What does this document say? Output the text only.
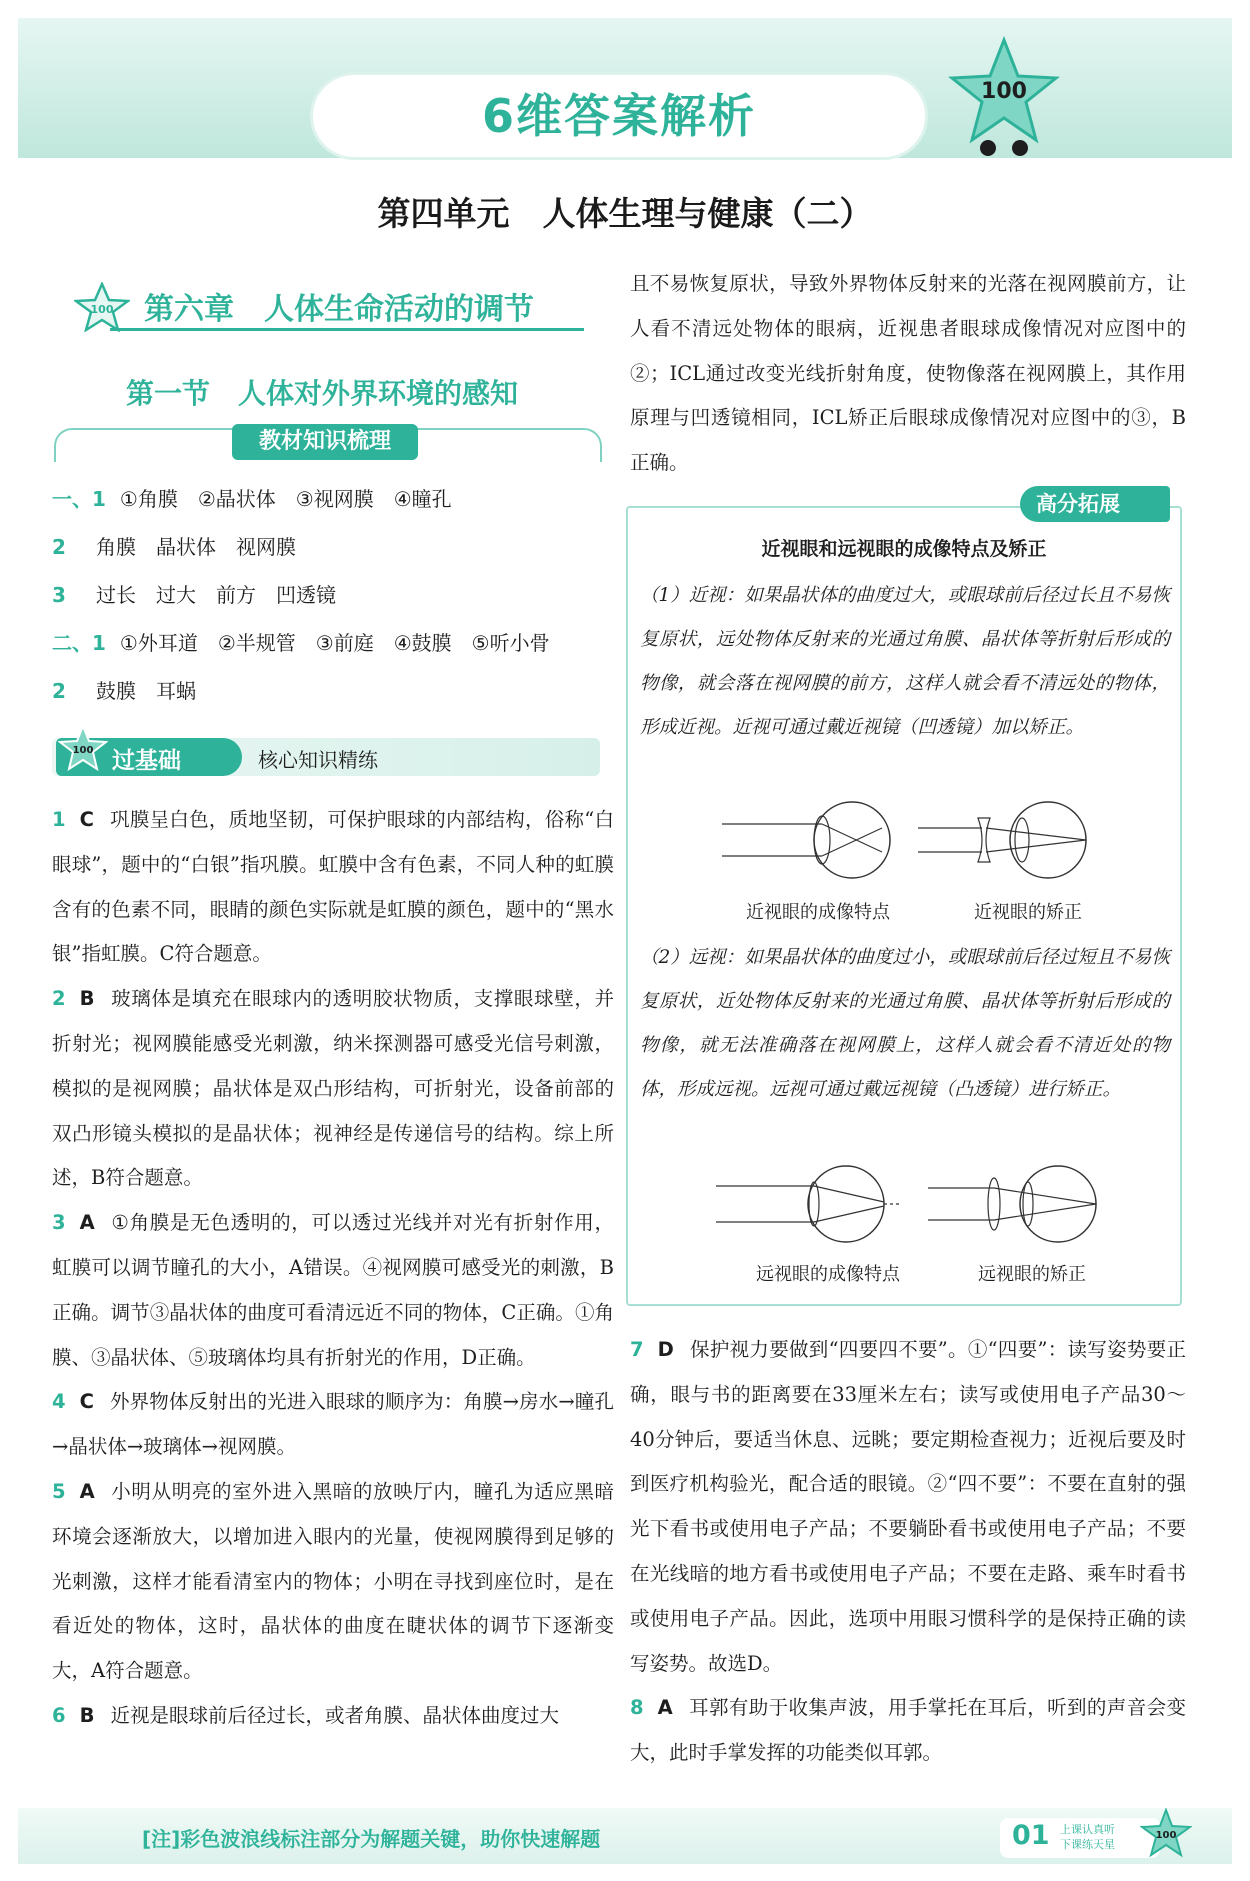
6维答案解析	100
第四单元　人体生理与健康（二）
100 第六章　人体生命活动的调节
第一节　人体对外界环境的感知
教材知识梳理
一、1 ①角膜　②晶状体　③视网膜　④瞳孔
2 角膜　晶状体　视网膜
3 过长　过大　前方　凹透镜
二、1 ①外耳道　②半规管　③前庭　④鼓膜　⑤听小骨
2 鼓膜　耳蜗
100 过基础	核心知识精练
1 C 巩膜呈白色，质地坚韧，可保护眼球的内部结构，俗称“白眼球”，题中的“白银”指巩膜。虹膜中含有色素，不同人种的虹膜含有的色素不同，眼睛的颜色实际就是虹膜的颜色，题中的“黑水银”指虹膜。C符合题意。
2 B 玻璃体是填充在眼球内的透明胶状物质，支撑眼球壁，并折射光；视网膜能感受光刺激，纳米探测器可感受光信号刺激，模拟的是视网膜；晶状体是双凸形结构，可折射光，设备前部的双凸形镜头模拟的是晶状体；视神经是传递信号的结构。综上所述，B符合题意。
3 A ①角膜是无色透明的，可以透过光线并对光有折射作用，虹膜可以调节瞳孔的大小，A错误。④视网膜可感受光的刺激，B正确。调节③晶状体的曲度可看清远近不同的物体，C正确。①角膜、③晶状体、⑤玻璃体均具有折射光的作用，D正确。
4 C 外界物体反射出的光进入眼球的顺序为：角膜→房水→瞳孔→晶状体→玻璃体→视网膜。
5 A 小明从明亮的室外进入黑暗的放映厅内，瞳孔为适应黑暗环境会逐渐放大，以增加进入眼内的光量，使视网膜得到足够的光刺激，这样才能看清室内的物体；小明在寻找到座位时，是在看近处的物体，这时，晶状体的曲度在睫状体的调节下逐渐变大，A符合题意。
6 B 近视是眼球前后径过长，或者角膜、晶状体曲度过大
且不易恢复原状，导致外界物体反射来的光落在视网膜前方，让人看不清远处物体的眼病，近视患者眼球成像情况对应图中的②；ICL通过改变光线折射角度，使物像落在视网膜上，其作用原理与凹透镜相同，ICL矫正后眼球成像情况对应图中的③，B正确。
高分拓展
近视眼和远视眼的成像特点及矫正
（1）近视：如果晶状体的曲度过大，或眼球前后径过长且不易恢复原状，远处物体反射来的光通过角膜、晶状体等折射后形成的物像，就会落在视网膜的前方，这样人就会看不清远处的物体，形成近视。近视可通过戴近视镜（凹透镜）加以矫正。
近视眼的成像特点	近视眼的矫正
（2）远视：如果晶状体的曲度过小，或眼球前后径过短且不易恢复原状，近处物体反射来的光通过角膜、晶状体等折射后形成的物像，就无法准确落在视网膜上，这样人就会看不清近处的物体，形成远视。远视可通过戴远视镜（凸透镜）进行矫正。
远视眼的成像特点	远视眼的矫正
7 D 保护视力要做到“四要四不要”。①“四要”：读写姿势要正确，眼与书的距离要在33厘米左右；读写或使用电子产品30～40分钟后，要适当休息、远眺；要定期检查视力；近视后要及时到医疗机构验光，配合适的眼镜。②“四不要”：不要在直射的强光下看书或使用电子产品；不要躺卧看书或使用电子产品；不要在光线暗的地方看书或使用电子产品；不要在走路、乘车时看书或使用电子产品。因此，选项中用眼习惯科学的是保持正确的读写姿势。故选D。
8 A 耳郭有助于收集声波，用手掌托在耳后，听到的声音会变大，此时手掌发挥的功能类似耳郭。
[注]彩色波浪线标注部分为解题关键，助你快速解题	01 上课认真听
下课练天星
100
